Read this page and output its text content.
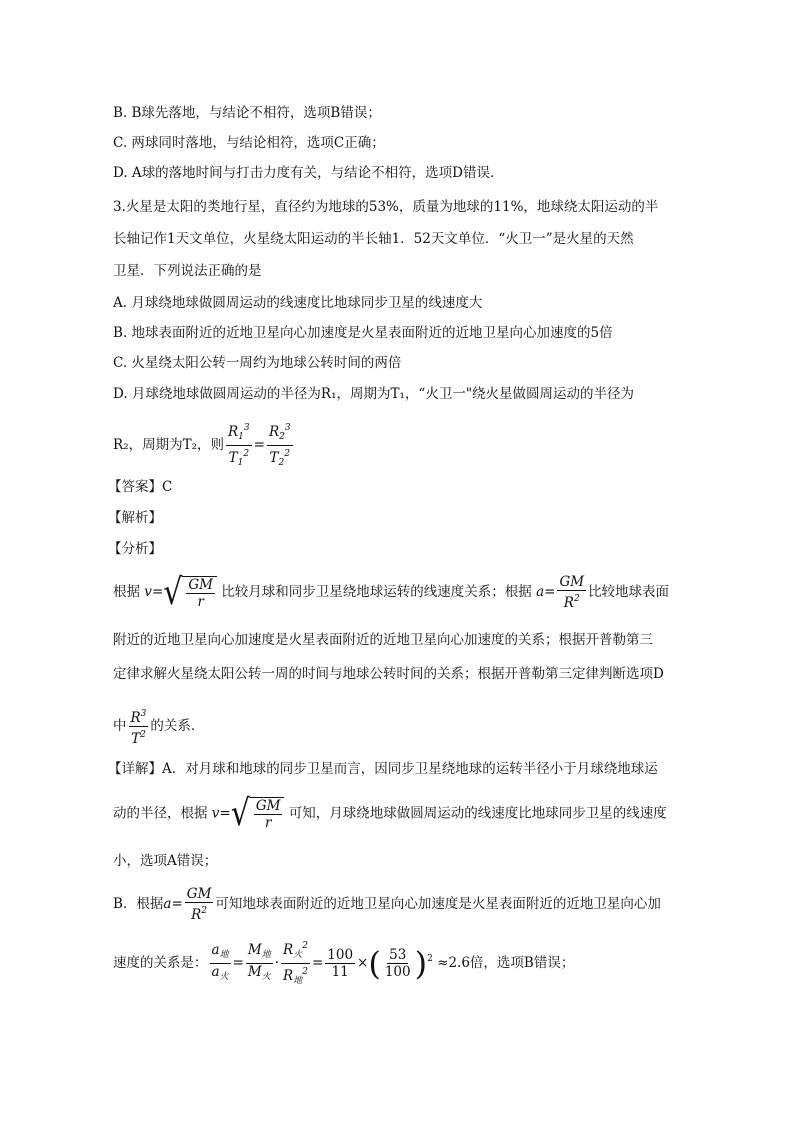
B. B球先落地，与结论不相符，选项B错误；
C. 两球同时落地，与结论相符，选项C正确；
D. A球的落地时间与打击力度有关，与结论不相符，选项D错误．
3.火星是太阳的类地行星，直径约为地球的53%，质量为地球的11%，地球绕太阳运动的半
长轴记作1天文单位，火星绕太阳运动的半长轴1．52天文单位．“火卫一”是火星的天然
卫星．下列说法正确的是
A. 月球绕地球做圆周运动的线速度比地球同步卫星的线速度大
B. 地球表面附近的近地卫星向心加速度是火星表面附近的近地卫星向心加速度的5倍
C. 火星绕太阳公转一周约为地球公转时间的两倍
D. 月球绕地球做圆周运动的半径为R₁，周期为T₁，“火卫一"绕火星做圆周运动的半径为
R₂，周期为T₂，则 $\frac{R_1^3}{T_1^2} = \frac{R_2^3}{T_2^2}$
【答案】C
【解析】
【分析】
根据 v= √ $\frac{GM}{r}$ 比较月球和同步卫星绕地球运转的线速度关系；根据 $a= \frac{GM}{R^2}$ 比较地球表面
附近的近地卫星向心加速度是火星表面附近的近地卫星向心加速度的关系；根据开普勒第三
定律求解火星绕太阳公转一周的时间与地球公转时间的关系；根据开普勒第三定律判断选项D
中 $\frac{R^3}{T^2}$ 的关系．
【详解】A．对月球和地球的同步卫星而言，因同步卫星绕地球的运转半径小于月球绕地球运
动的半径，根据 v= √ $\frac{GM}{r}$ 可知，月球绕地球做圆周运动的线速度比地球同步卫星的线速度
小，选项A错误；
B．根据$a= \frac{GM}{R^2}$ 可知地球表面附近的近地卫星向心加速度是火星表面附近的近地卫星向心加
速度的关系是： $\frac{a_地}{a_火} = \frac{M_地}{M_火} \cdot \frac{R_火^2}{R_地^2} = \frac{100}{11}$ ×( $\frac{53}{100} )^2 \approx 2.6$倍，选项B错误；
